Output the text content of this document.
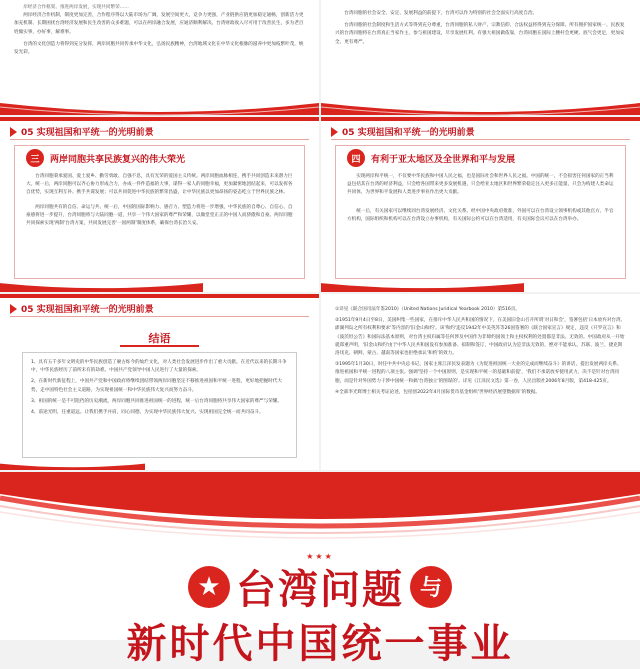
岸经济合作框架、推进两岸发展，实现共同繁荣……

两岸经济合作机制，制度更加完善，合作程序得以大陆市场为广阔，发展空间更大，竞争力更强，产业链供应链更加稳定通畅，创新活力更加充机制、长期困扰台湾经济发展和民生改善的众多难题，可以在两岸融合发展，应通济顺利解决。台湾财政收入尽可用于改善民生，多为老百姓做实事，办好事，解难事。

台湾的文化创造力将得到充分发挥，两岸同胞共同传承中华文化，弘扬民族精神，台湾地域文化在中华文化根脉的滋养中更加枝繁叶茂，焕发光彩。

台湾同胞的社会安全、安定、发展利益的前提下，台湾可以作为特别的社会全面实行高度自治。

台湾同胞的社会制度和生活方式等得到充分尊重，台湾同胞的私人财产、宗教信仰、合法权益将得到充分保障。所有拥护国家统一、民族复兴的台湾同胞将在台湾真正当家作主，参与祖国建设，尽享发展红利。有强大祖国做依靠，台湾同胞在国际上腰杆会更硬、底气会更足，更加安全、更有尊严。

05 实现祖国和平统一的光明前景
三	两岸同胞共享民族复兴的伟大荣光

台湾同胞秉承爱国、爱土爱乡、勤劳勇敢、自强不息，具有光荣的爱国主义传统。两岸同胞血脉相连，携手共同创造未来潜力巨大。统一后，两岸同胞可以齐心协力形成合力，办成一件件造福的大事，谋得一家人的同胞幸福，更加紧密地团结起来，可以发挥各自优势，实现互利互补、携手共谋发展；可以共同促进中华民族的繁荣昌盛，让中华民族以更加昂扬的姿态屹立于世界民族之林。

两岸同胞共有的自信、命运与共、统一后，中国的国际影响力、感召力、塑造力将进一步增强，中华民族的自尊心、自信心、自豪感将进一步提升，台湾同胞将与大陆同胞一道，共享一个伟大国家的尊严和荣耀，以做堂堂正正的中国人而骄傲和自豪。两岸同胞共同探索实现'两制'台湾方案，共同发展完善'一国两制'制度体系，确保台湾长治久安。

05 实现祖国和平统一的光明前景
四	有利于亚太地区及全世界和平与发展

实现两岸和平统一，不仅要中华民族和中国人民之福，也是国际社会和世界人民之福。中国的统一，不会损害任何国家的正当利益包括其在台湾的经济利益，只会给各国带来更多发展机遇，只会给亚太地区和世界繁荣稳定注入更多正能量，只会为构建人类命运共同体，为世界和平发展和人类进步事业作出更大贡献。

统一后，有关国家可以继续同台湾发展经济、文化关系。经中国中央政府批准，外国可以在台湾设立领事机构或其他官方、半官方机构，国际组织和机构可以在台湾设立办事机构，有关国际公约可以在台湾适用，有关国际会议可以在台湾举办。

05 实现祖国和平统一的光明前景
结语

1、具有五千多年文明史的中华民族创造了赓古烁今的灿烂文化，对人类社会发展进步作出了重大贡献。在近代以来的长期斗争中，中华民族经历了前所未有的劫难。中国共产党领导中国人民进行了大量的探索。

2、在新时代新征程上，中国共产党和中国政府将继续团结带领两岸同胞坚定不移推进祖国和平统一进程，更好地把握时代大势，走中国特色社会主义道路，为实现祖国统一和中华民族伟大复兴而努力奋斗。

3、祖国的统一是不可阻挡的历史潮流，两岸同胞共同推进祖国统一的进程，统一后台湾同胞将共享伟大国家的尊严与荣耀。

4、前途光明，任重道远。让我们携手并肩，同心同德，为实现中华民族伟大复兴、实现祖国完全统一而共同奋斗。

①详见《联合国司法年鉴2010》（United Nations Juridical Yearbook 2010）第516页。

②1951年9月4日至8日，美国纠集一些国家，在排斥中华人民共和国的情况下，在美国旧金山召开所谓'对日和会'，签署包括'日本放弃对台湾、澎湖列岛之所有权利和要求'等内容的'旧金山和约'。该'和约'违反1942年中美英苏等26国签署的《联合国家宣言》规定，违反《开罗宣言》和《波茨坦公告》和国际法基本原则，对台湾主权归属等任何涉及中国作为非缔约国领土和主权权利的处置都是非法、无效的。中国政府从一开始就郑重声明，'旧金山和约'由于中华人民共和国没有参加准备、拟制和签订，中国政府认为是非法无效的，绝对不能承认。苏联、波兰、捷克斯洛伐克、朝鲜、蒙古、越南等国家也拒绝承认'和约'的效力。

③1995年1月30日，时任中共中央总书记、国家主席江泽民发表题为《为促进祖国统一大业的完成而继续奋斗》的讲话，提出发展两岸关系、推进祖国和平统一进程的八项主张。强调'坚持一个中国原则，是实现和平统一的基础和前提'，'我们不承诺放弃使用武力，决不是针对台湾同胞，而是针对外国势力干涉中国统一和搞'台湾独立'的图谋的'。详见《江泽民文选》第一卷，人民出版社2006年8月版，第418-425页。

④全部李光辉博士相关考证论述，包括创2022年4月国际货币基金组织'世界经济展望数据库'的数据。

★★★
★ 台湾问题 与
新时代中国统一事业
